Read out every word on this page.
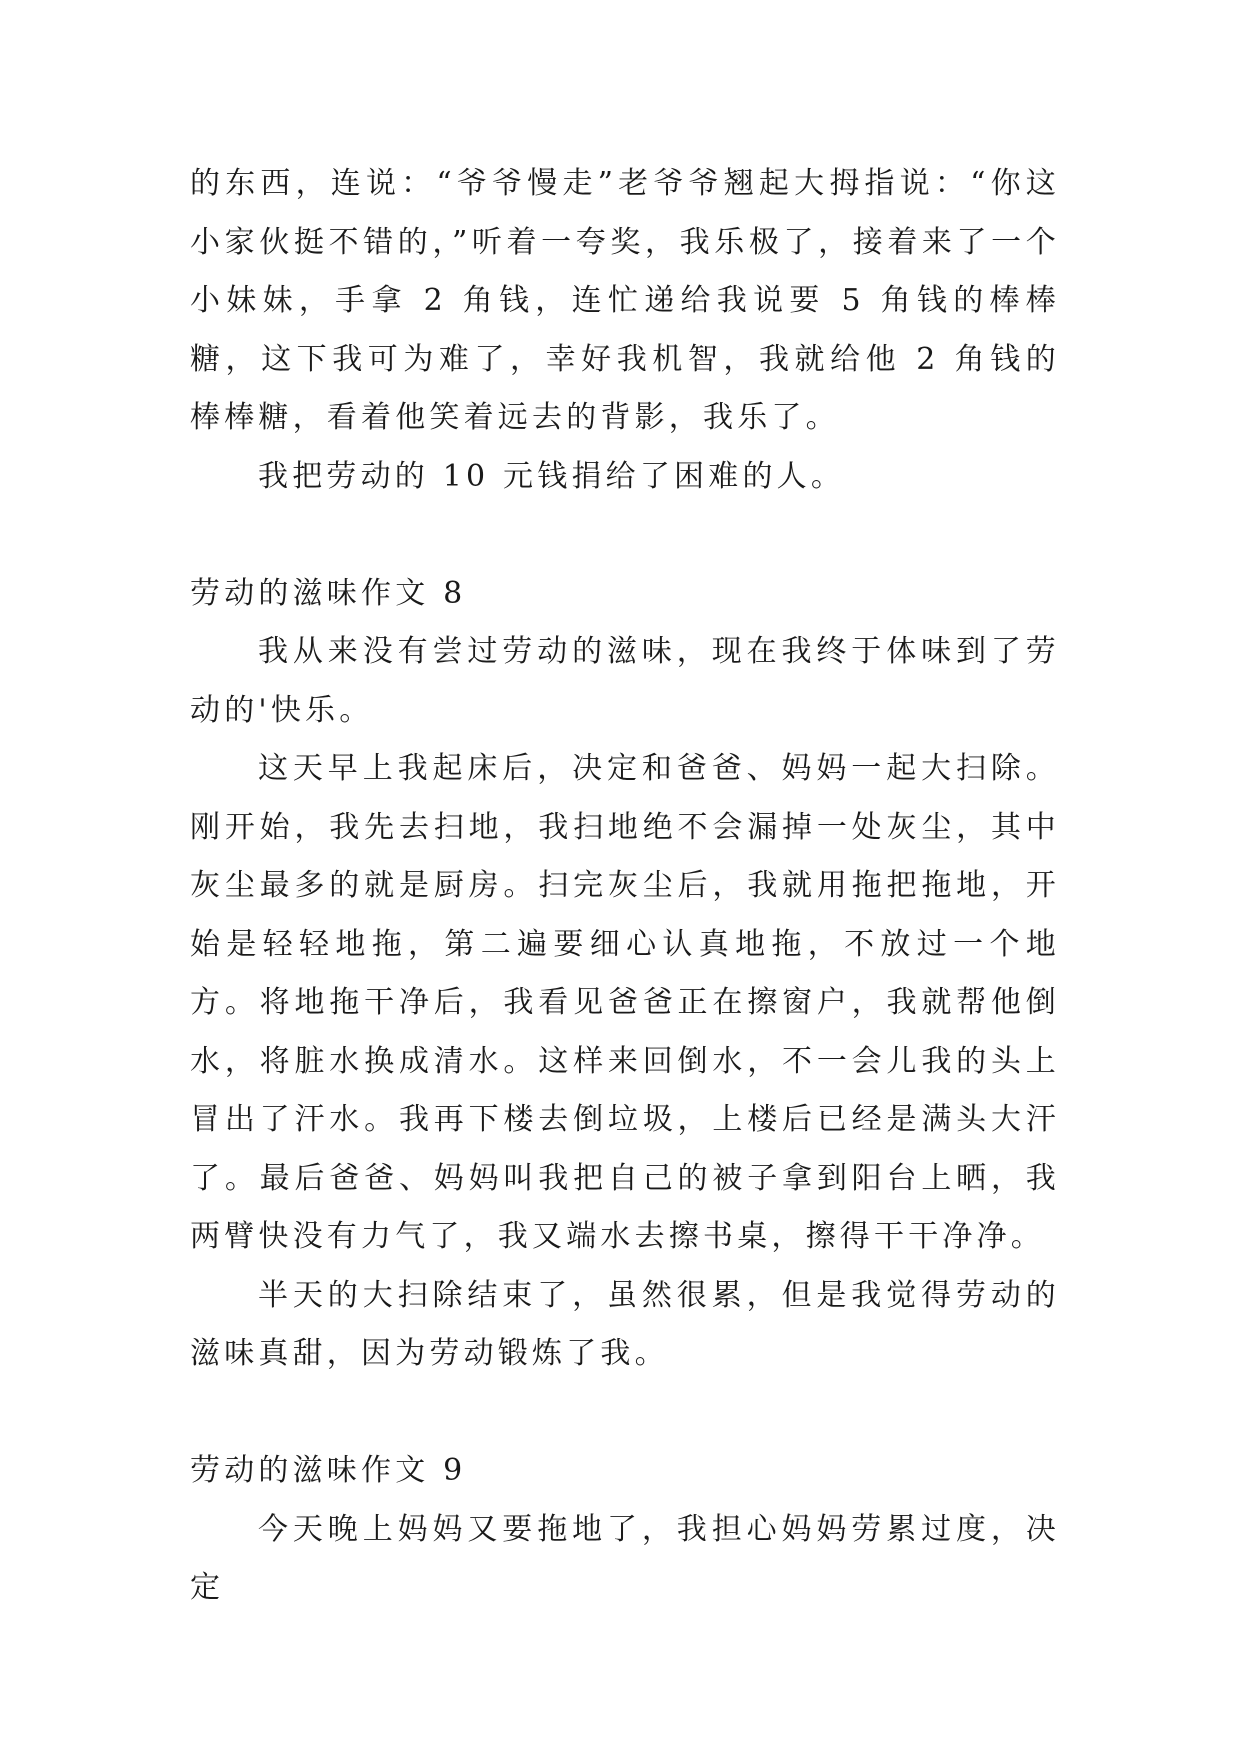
的东西，连说：“爷爷慢走”老爷爷翘起大拇指说：“你这小家伙挺不错的，”听着一夸奖，我乐极了，接着来了一个小妹妹，手拿 2 角钱，连忙递给我说要 5 角钱的棒棒糖，这下我可为难了，幸好我机智，我就给他 2 角钱的棒棒糖，看着他笑着远去的背影，我乐了。

我把劳动的 10 元钱捐给了困难的人。

劳动的滋味作文 8

我从来没有尝过劳动的滋味，现在我终于体味到了劳动的'快乐。

这天早上我起床后，决定和爸爸、妈妈一起大扫除。刚开始，我先去扫地，我扫地绝不会漏掉一处灰尘，其中灰尘最多的就是厨房。扫完灰尘后，我就用拖把拖地，开始是轻轻地拖，第二遍要细心认真地拖，不放过一个地方。将地拖干净后，我看见爸爸正在擦窗户，我就帮他倒水，将脏水换成清水。这样来回倒水，不一会儿我的头上冒出了汗水。我再下楼去倒垃圾，上楼后已经是满头大汗了。最后爸爸、妈妈叫我把自己的被子拿到阳台上晒，我两臂快没有力气了，我又端水去擦书桌，擦得干干净净。

半天的大扫除结束了，虽然很累，但是我觉得劳动的滋味真甜，因为劳动锻炼了我。

劳动的滋味作文 9

今天晚上妈妈又要拖地了，我担心妈妈劳累过度，决定
